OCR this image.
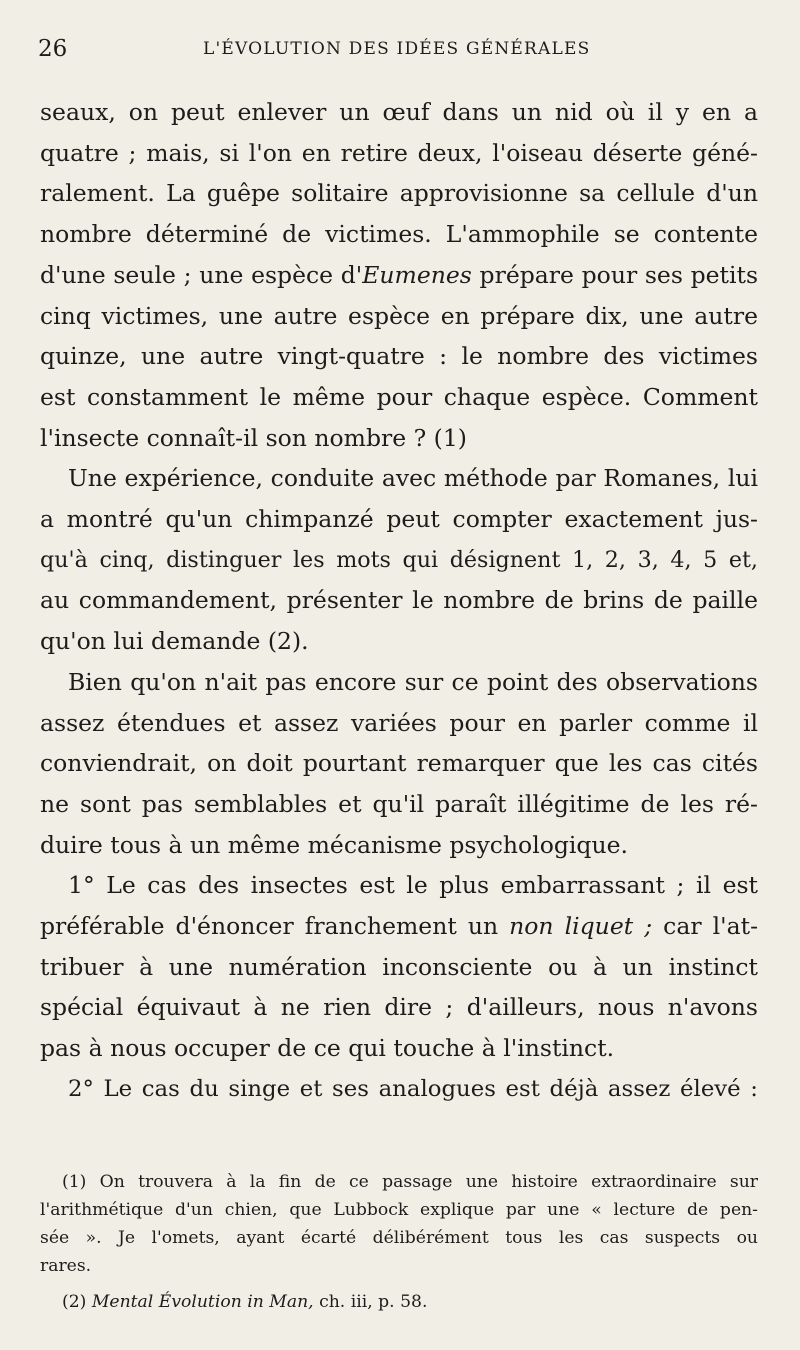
26	L'ÉVOLUTION DES IDÉES GÉNÉRALES

seaux, on peut enlever un œuf dans un nid où il y en a
quatre ; mais, si l'on en retire deux, l'oiseau déserte géné-
ralement. La guêpe solitaire approvisionne sa cellule d'un
nombre déterminé de victimes. L'ammophile se contente
d'une seule ; une espèce d'Eumenes prépare pour ses petits
cinq victimes, une autre espèce en prépare dix, une autre
quinze, une autre vingt-quatre : le nombre des victimes
est constamment le même pour chaque espèce. Comment
l'insecte connaît-il son nombre ? (1)

Une expérience, conduite avec méthode par Romanes, lui
a montré qu'un chimpanzé peut compter exactement jus-
qu'à cinq, distinguer les mots qui désignent 1, 2, 3, 4, 5 et,
au commandement, présenter le nombre de brins de paille
qu'on lui demande (2).

Bien qu'on n'ait pas encore sur ce point des observations
assez étendues et assez variées pour en parler comme il
conviendrait, on doit pourtant remarquer que les cas cités
ne sont pas semblables et qu'il paraît illégitime de les ré-
duire tous à un même mécanisme psychologique.

1° Le cas des insectes est le plus embarrassant ; il est
préférable d'énoncer franchement un non liquet ; car l'at-
tribuer à une numération inconsciente ou à un instinct
spécial équivaut à ne rien dire ; d'ailleurs, nous n'avons
pas à nous occuper de ce qui touche à l'instinct.

2° Le cas du singe et ses analogues est déjà assez élevé :

(1) On trouvera à la fin de ce passage une histoire extraordinaire sur
l'arithmétique d'un chien, que Lubbock explique par une « lecture de pen-
sée ». Je l'omets, ayant écarté délibérément tous les cas suspects ou
rares.
(2) Mental Évolution in Man, ch. iii, p. 58.
